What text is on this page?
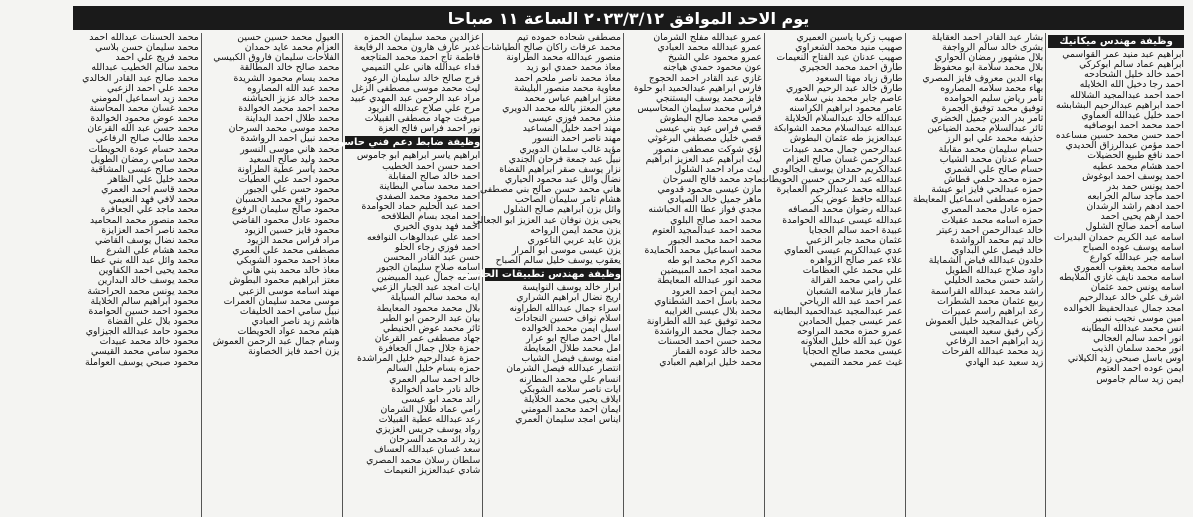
يوم الاحد الموافق ٢٠٢٣/٣/١٢ الساعة ١١ صباحا
وظيفة مهندس ميكانيك
ابراهيم عبد منيد عمر القواسمي
ابراهيم عماد سالم ابوكركي
احمد خالد خليل الشحادحه
احمد رجا دخيل الله الخلايله
احمد احمد عبدالمجيد الشلالله
احمد ابراهيم عبدالرحيم البشابشه
احمد خليل عبدالله العماوي
احمد محمد احمد ابوصافيه
احمد حسن محمد حسين مساعده
احمد مؤمن عبدالرزاق الحديدي
احمد نافع طبيع الحضيلات
احمد هشام محمد عطيه
احمد يوسف احمد ابوغوش
احمد يونس حمد بدر
احمد ماجد سالم الجرابعه
احمد ادهم راشد الرشدان
احمد ارهم يحيى احمد
اسامه احمد صالح الشلول
اسامه عبد الكريم حمدان البديرات
اسامه يوسف عوده الصباح
اسامه جبر عبدالله كوارع
اسامه محمد يعقوب العموري
اسامه محمد نايف غازي الملايطه
اسامه يونس حمد عثمان
اشرف علي خالد عبدالرحيم
امجد جمال عبدالحفيظ الخوالده
امين موسى نجيب نصير
انس محمد عبدالله البطاينه
انور احمد سالم العجالي
انور محمد سلمان الذيب
اوس باسل صبحي زيد الكيلاني
ايمن عوده احمد العتوم
ايمن زيد سالم جاموس
بشار عبد القادر احمد العقايلة
بشرى خالد سالم الرواجفة
بلال مشهور رمضان الحواري
بلال محمد سلامة ابو محفوظ
بهاء الدين معروف فايز المصري
بهاء محمد سلامه المصاروه
تامر رياض سليم الحوامده
توفيق محمد توفيق الجمرة
ثامر بدر الدين جميل الخضري
ثائر عبدالسلام محمد الضياعين
حذيفه محمد علي ابو الرز
حسام سليمان محمد مقابلة
حسام عدنان محمد الشياب
حسام صالح علي الشمري
حمزه محمد حلمي قطاش
حمزه عبدالحي فايز ابو عيشة
حمزه مصطفى اسماعيل المعايطة
حمزه عادل محمد المصري
حمزه اسامه محمد عقيلات
خالد عبدالرحمن احمد زعيتر
خالد تيم محمد الرواشدة
خالد فيصل علي البداوي
خلدون عبدالله فياض الشمايلة
داود صلاح عبدالله الطويل
راشد حسن محمد الخليلي
راشد محمد عبدالله القراسمة
ربيع عثمان محمد الشطرات
رعد ابراهيم راسم عميرات
رياض عبدالمجيد خليل العموش
زكي رفيق سعيد العيسى
زيد ابراهيم احمد الرفاعي
زيد محمد عبدالله الفرحات
زيد سعيد عبد الهادي
صهيب زكريا ياسين العميري
صهيب منيد محمد الشعراوي
صهيب عدنان عبد الفتاح النعيمات
طارق احمد محمد الحجيري
طارق زياد مهنا السعود
طارق خالد عبد الرحيم الحوري
عاصم جابر محمد بني سلامه
عامر محمود ابراهيم الكراسنه
عبدالله خالد عبدالسلام الخلايلة
عبدالله عبدالسلام محمد الشوابكة
عبدالعزيز طه عثمان البطوش
عبدالرحمن جمال محمد عبيدات
عبدالرحمن غسان صالح العزام
عبدالكريم حمدان يوسف الجالودي
عبدالله عبد الرحمن حسين الحويطات
عبدالله محمد عبدالرحيم العمايرة
عبدالله حافظ عوض بكر
عبدالله رضوان محمد المصافه
عبدالله عيسى عبدالله الحوامدة
عبيدة احمد سالم الحجايا
عثمان محمد جابر الزعبي
عدي عبدالكريم عيسى العماوي
علاء عمر صالح الزواهره
علي محمد علي العظامات
علي رامي محمد القرالة
عمار فايز سلامه الشعبان
عمر احمد عبد الله الرياحي
عمر عبدالمجيد عبدالحميد البطاينه
عمر عيسى جميل الحمادين
عمرو حمزه محمد المراوحه
عون عبد الله خليل العلاونه
عيسى محمد صالح الحجايا
غيث عمر محمد التميمي
عمرو عبدالله مفلح الشرمان
عمرو عبدالله محمد العبادي
عمرو محمود علي الشيخ
عون محمود حمدي هياجنه
غازي عبد القادر احمد الحجوج
فارس ابراهيم عبدالحميد ابو حلوة
فايز محمد يوسف البستنجي
فراس محمد سليمان المحاسيس
قصي محمد صالح البطوش
قصي فراس عيد بني عيسى
قصي خليل مصطفى البرغوثي
لؤي شوكت مصطفى منصور
ليث ابراهيم عبد العزيز ابراهيم
ليث مراد احمد الشلول
ماجد محمد فالح السرحان
مازن عيسى محمود قدومي
ماهر جميل خالد الصيادي
مجدي فواز عطا الله الحباشنه
محمد احمد صالح البلوي
محمد احمد عبدالمجيد العتوم
محمد احمد محمد الجبور
محمد اسماعيل محمد الحمايدة
محمد اكرم محمد ابو طه
محمد امجد احمد المبيضين
محمد انور عبدالله المعايطة
محمد ايمن احمد العرود
محمد باسل احمد الشطناوي
محمد بلال عيسى الغرايبه
محمد توفيق عبد الله الطراونة
محمد جمال محمد الرواشدة
محمد حسن احمد الحسنات
محمد خالد عوده القماز
محمد خليل ابراهيم العبادي
مصطفى شحاده حموده تيم
محمد عرفات راكان صالح الطياشات
منصور عبدالله محمد الطراونة
معاذ محمد حمدي ابو زيد
معاذ محمد ناصر ملحم احمد
معاوية محمد منصور البليشة
معتز ابراهيم عباس محمد
معن المعتز بالله محمد الدويري
منذر محمد فوزي عيسى
مهند احمد خليل المساعيد
مهند ناصر احمد النسور
مؤيد غالب سلمان الدويري
نبيل عبد جمعة فرحان الجندي
نزار يوسف صقر ابراهيم القضاة
نضال وائل عبد محمود الحياري
هاني محمد حسن صالح بني مصطفى
هشام ثامر سليمان الصاحب
وائل بزن ابراهيم صالح الشلول
يحيى يزن نوفان عبد العزيز ابو الجعالي
يزن محمد ايمن الرواحه
يزن عايد عربي الناعوري
يزن عيسى موسى ابو المرار
يعقوب يوسف خليل سالم الصباح
وظيفة مهندس تطبيقات الحاسوب
ابرار خالد يوسف النوايسة
اريج نضال ابراهيم الشراري
اسراء جمال عبدالله الطراونه
اسلام نواف حسين النجادات
اسيل ايمن محمد الخوالده
امال احمد صالح ابو عرار
امل محمد طلال المعايطة
امنه يوسف فيصل الشياب
انتصار عبدالله فيصل الشرمان
انسام علي محمد المطارنه
ايات ناصر سلامه الشوبكي
ايلاف يحيى محمد الخلايلة
ايمان احمد محمد المومني
ايناس امجد سليمان العمري
عزالدين محمد سليمان الحمزه
غدير عارف هارون محمد الرفايعة
فاطمة تاج احمد محمد المتاجعه
فداء عبدالله هاني علي التميمي
فرح صالح خالد سليمان الرعود
ليث محمد موسى مصطفى الزغل
مراد عبد الرحمن عبد المهدي عبيد
مرح علي صلاح عبدالله الزيود
ميرفت جهاد مصطفى القبيلات
نور احمد فراس فالح العزة
وظيفة ضابط دعم فني حاسوب
ابراهيم ياسر ابراهيم ابو جاموس
احمد حسن احمد الخطيب
احمد خالد صالح المقابلة
احمد محمد سامي البطاينة
احمد محمود محمد الصفدي
احمد عبد الحليم حماد الحوامدة
احمد امجد بسام الطلافحه
احمد فهد بدوي الخيري
احمد علي عبدالوهاب النوافعه
احمد فوزي رجاء الحلو
حسن عبد القادر المحسن
اسامه صلاح سليمان الجبور
اسامه جمال عبيد المبيضين
ايات امجد عبد الجبار الزعبي
ايه محمد سالم السبايلة
بلال محمد محمود المعايطة
بيان عبد الرحمن ابو الطبر
ثائر محمد عوض الحنيطي
جهاد مصطفى عمر القرعان
حمزة جلال جمال الجعافرة
حمزة عبدالرحيم خليل المراشدة
حمزه بسام خليل السالم
خالد احمد سالم العمري
خالد نادر حامد الخوالدة
رائد محمد ابو عيسى
رامي عماد طلال الشرمان
رعد عبدالله عطية القبيلات
رواد يوسف جريس العزيزي
زيد رائد محمد السرحان
سعد غسان عبدالله العساف
سلطان رسلان محمد المصري
شادي عبدالعزيز النعيمات
العيول محمد حسين حسين
العزام محمد عايد حمدان
الفلاحات سليمان فاروق الكبيسي
محمد صالح خالد المطالقة
محمد بسام محمود الشريدة
محمد عبد الله المصاروه
محمد خالد عزيز الحباشنه
محمد احمد محمد الخوالدة
محمد طلال احمد البداينة
محمد موسى محمد السرحان
محمد نبيل احمد الرواشدة
محمد هاني موسى النسور
محمد وليد صالح السعيد
محمد ياسر عطية الطراونة
محمود احمد علي العطيات
محمود حسن علي الجبور
محمود رافع محمد الحسبان
محمود صالح سليمان الرفوع
محمود عادل محمود القاضي
محمود فايز حسين الزيود
مراد فراس محمد الزيود
مصطفى محمد علي العمري
معاذ احمد محمود الشوبكي
معاذ خالد محمد بني هاني
معتز ابراهيم محمود البطوش
مهند اسامه موسى الزعبي
موسى محمد سليمان العمرات
نبيل سامي احمد الخليفات
هاشم زيد ناصر العبادي
هيثم محمد عواد الحويطات
وسام جمال عبد الرحمن العموش
يزن احمد فايز الخصاونة
محمد الحسنات عبدالله احمد
محمد سليمان حسن بلاسي
محمد فريج علي احمد
محمد سالم الخطيب عبدالله
محمد صالح عبد القادر الخالدي
محمد علي احمد الزعبي
محمد زيد اسماعيل المومني
محمد غسان محمد المحاسنة
محمد عوض محمود الخوالدة
محمد حسن عبد الله القرعان
محمد طالب صالح الرفاعي
محمد حسام عودة الحويطات
محمد سامي رمضان الطويل
محمد صالح عيسى المشاقبة
محمد خليل علي الظاهر
محمد قاسم احمد العمري
محمد لافي فهد النعيمي
محمد ماجد علي الجعافرة
محمد منصور محمد المحاميد
محمد ناصر احمد العزايزة
محمد نضال يوسف القاضي
محمد هشام علي الشرع
محمد وائل عبد الله بني عطا
محمد يحيى احمد الكفاوين
محمد يوسف خالد البدارين
محمد يونس محمد الحراحشة
محمود ابراهيم سالم الخلايلة
محمود احمد حسين الحوامدة
محمود بلال علي القضاة
محمود حامد عبدالله الجيزاوي
محمود خالد محمد عبيدات
محمود سامي محمد القيسي
محمود صبحي يوسف العواملة
